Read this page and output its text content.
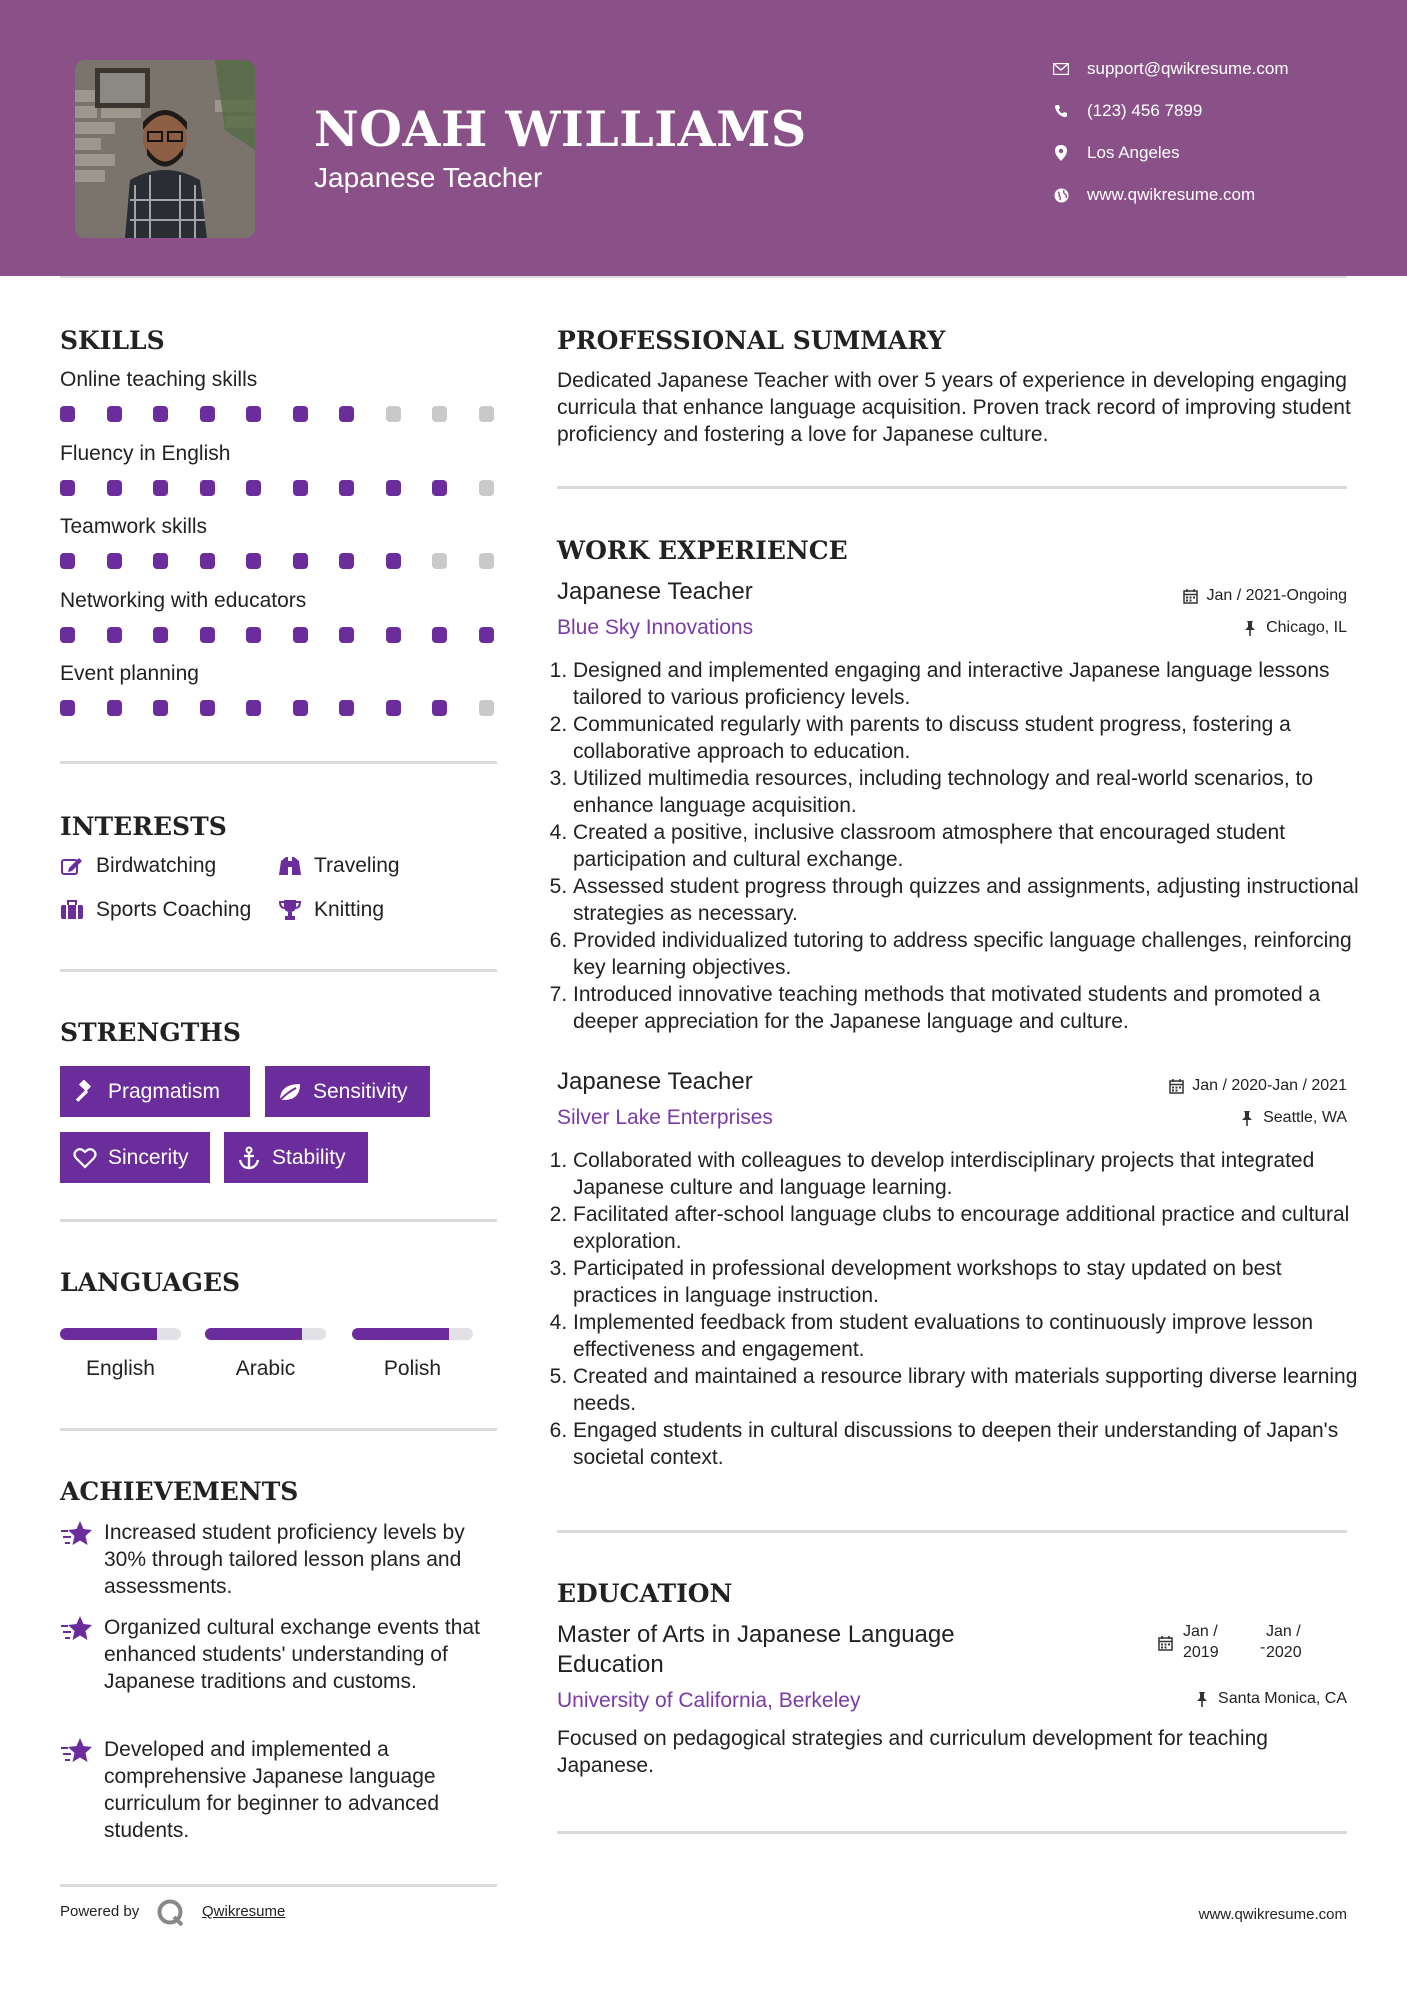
NOAH WILLIAMS
Japanese Teacher
support@qwikresume.com
(123) 456 7899
Los Angeles
www.qwikresume.com
SKILLS
Online teaching skills
Fluency in English
Teamwork skills
Networking with educators
Event planning
INTERESTS
Birdwatching	Traveling
Sports Coaching	Knitting
STRENGTHS
Pragmatism	Sensitivity
Sincerity	Stability
LANGUAGES
English	Arabic	Polish
ACHIEVEMENTS
Increased student proficiency levels by 30% through tailored lesson plans and assessments.
Organized cultural exchange events that enhanced students' understanding of Japanese traditions and customs.
Developed and implemented a comprehensive Japanese language curriculum for beginner to advanced students.
Powered by	Qwikresume
PROFESSIONAL SUMMARY
Dedicated Japanese Teacher with over 5 years of experience in developing engaging curricula that enhance language acquisition. Proven track record of improving student proficiency and fostering a love for Japanese culture.
WORK EXPERIENCE
Japanese Teacher
Blue Sky Innovations
Jan / 2021-Ongoing
Chicago, IL
1. Designed and implemented engaging and interactive Japanese language lessons tailored to various proficiency levels.
2. Communicated regularly with parents to discuss student progress, fostering a collaborative approach to education.
3. Utilized multimedia resources, including technology and real-world scenarios, to enhance language acquisition.
4. Created a positive, inclusive classroom atmosphere that encouraged student participation and cultural exchange.
5. Assessed student progress through quizzes and assignments, adjusting instructional strategies as necessary.
6. Provided individualized tutoring to address specific language challenges, reinforcing key learning objectives.
7. Introduced innovative teaching methods that motivated students and promoted a deeper appreciation for the Japanese language and culture.
Japanese Teacher
Silver Lake Enterprises
Jan / 2020-Jan / 2021
Seattle, WA
1. Collaborated with colleagues to develop interdisciplinary projects that integrated Japanese culture and language learning.
2. Facilitated after-school language clubs to encourage additional practice and cultural exploration.
3. Participated in professional development workshops to stay updated on best practices in language instruction.
4. Implemented feedback from student evaluations to continuously improve lesson effectiveness and engagement.
5. Created and maintained a resource library with materials supporting diverse learning needs.
6. Engaged students in cultural discussions to deepen their understanding of Japan's societal context.
EDUCATION
Master of Arts in Japanese Language Education
University of California, Berkeley
Jan /
2019	-
Jan /
2020
Santa Monica, CA
Focused on pedagogical strategies and curriculum development for teaching Japanese.
www.qwikresume.com
